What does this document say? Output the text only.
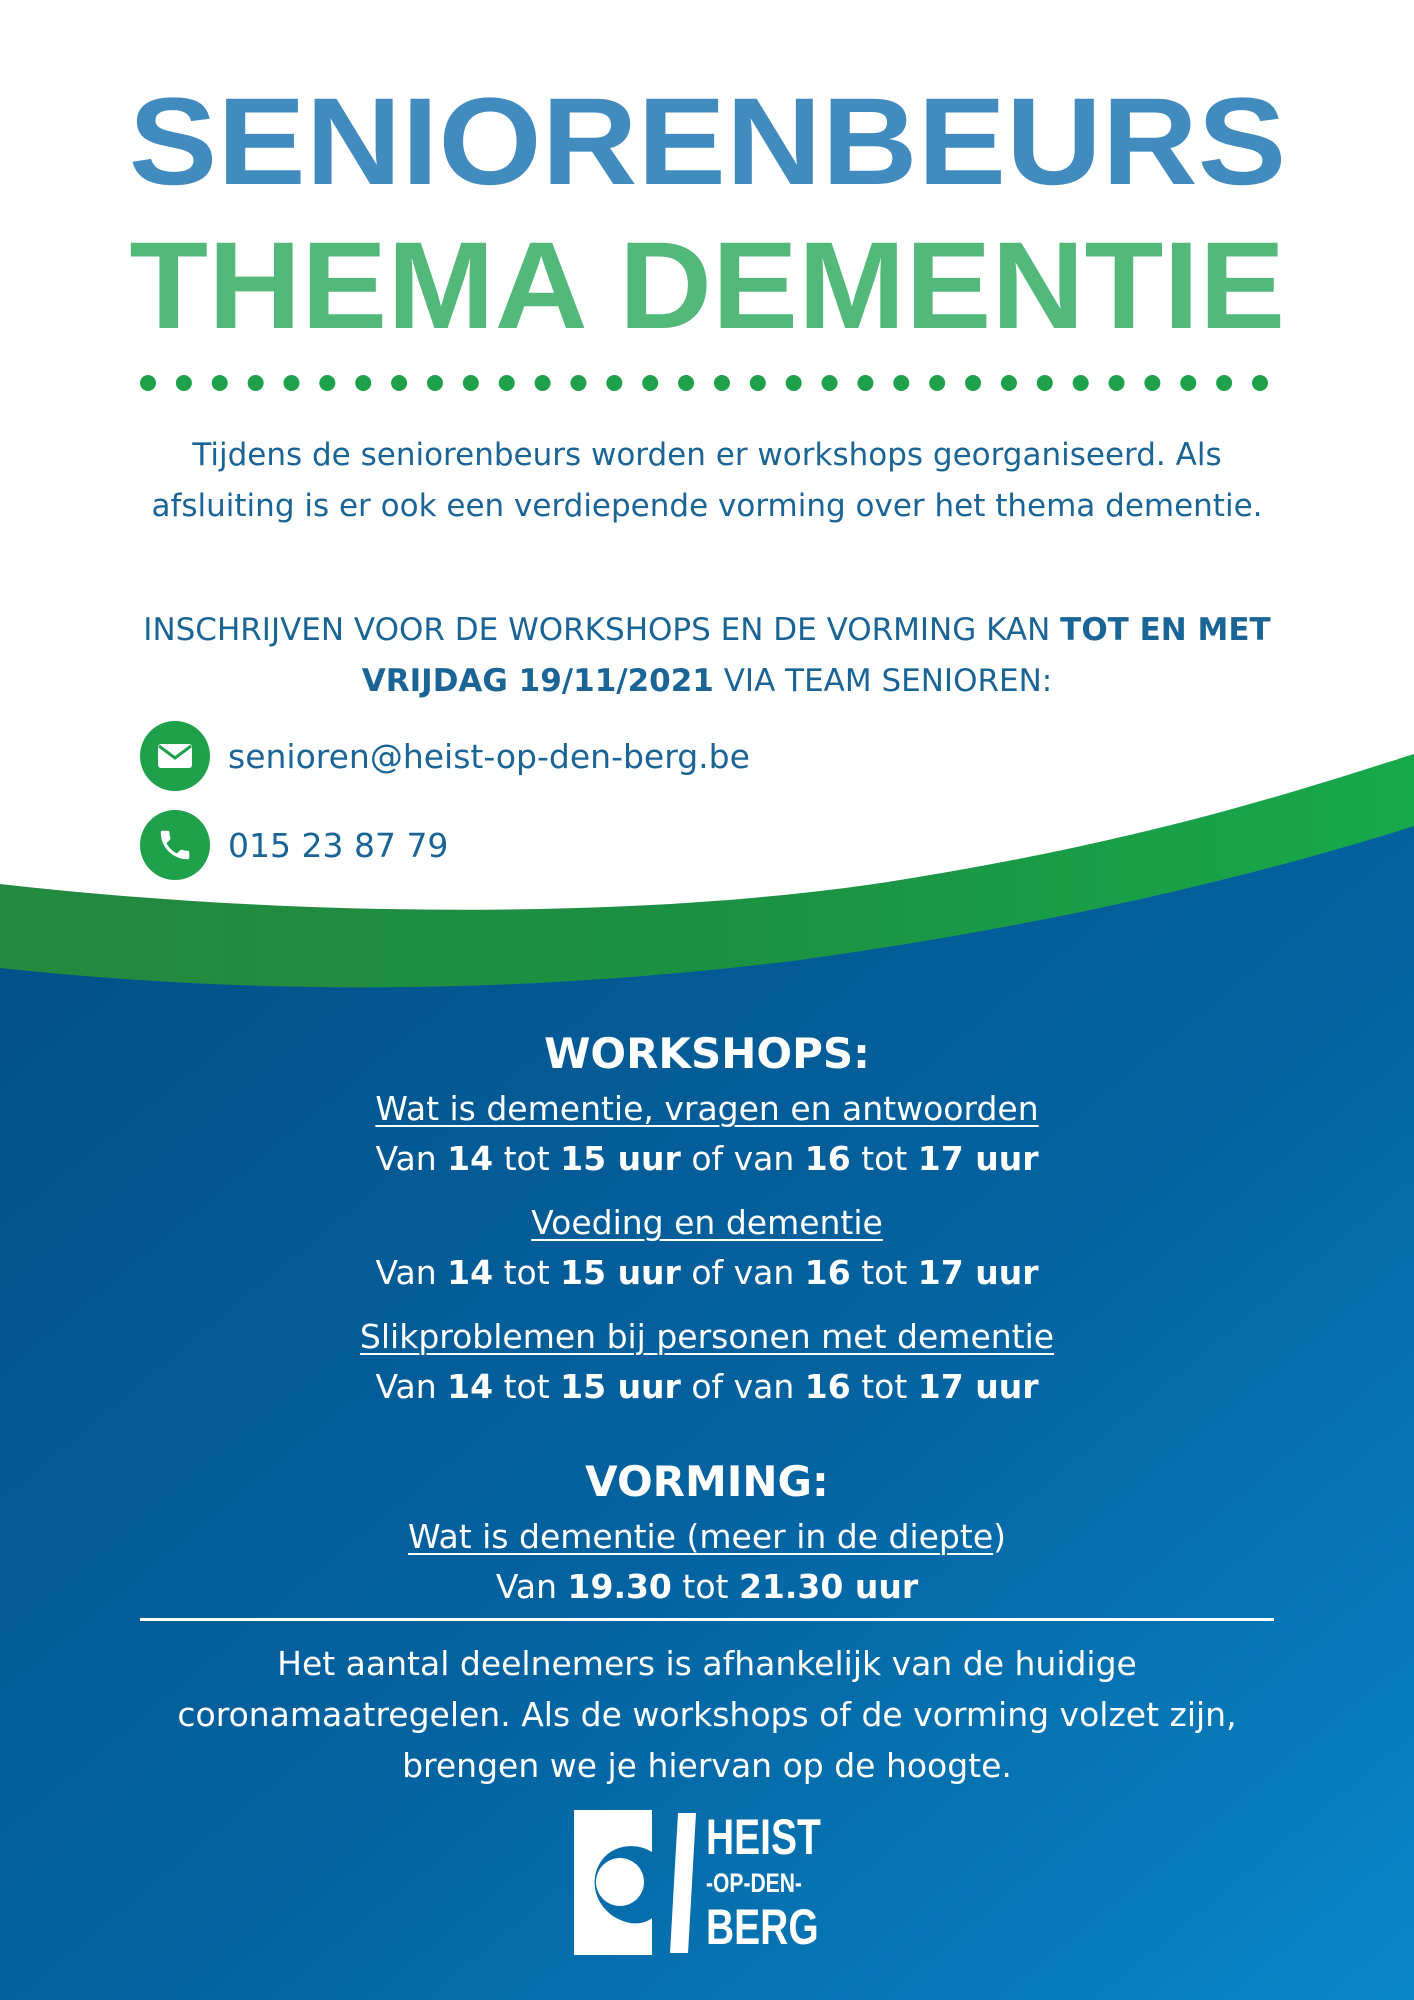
SENIORENBEURS
THEMA DEMENTIE
Tijdens de seniorenbeurs worden er workshops georganiseerd. Als afsluiting is er ook een verdiepende vorming over het thema dementie.
INSCHRIJVEN VOOR DE WORKSHOPS EN DE VORMING KAN TOT EN MET VRIJDAG 19/11/2021 VIA TEAM SENIOREN:
senioren@heist-op-den-berg.be
015 23 87 79
WORKSHOPS:
Wat is dementie, vragen en antwoorden
Van 14 tot 15 uur of van 16 tot 17 uur
Voeding en dementie
Van 14 tot 15 uur of van 16 tot 17 uur
Slikproblemen bij personen met dementie
Van 14 tot 15 uur of van 16 tot 17 uur
VORMING:
Wat is dementie (meer in de diepte)
Van 19.30 tot 21.30 uur
Het aantal deelnemers is afhankelijk van de huidige coronamaatregelen. Als de workshops of de vorming volzet zijn, brengen we je hiervan op de hoogte.
HEIST
-OP-DEN-
BERG
